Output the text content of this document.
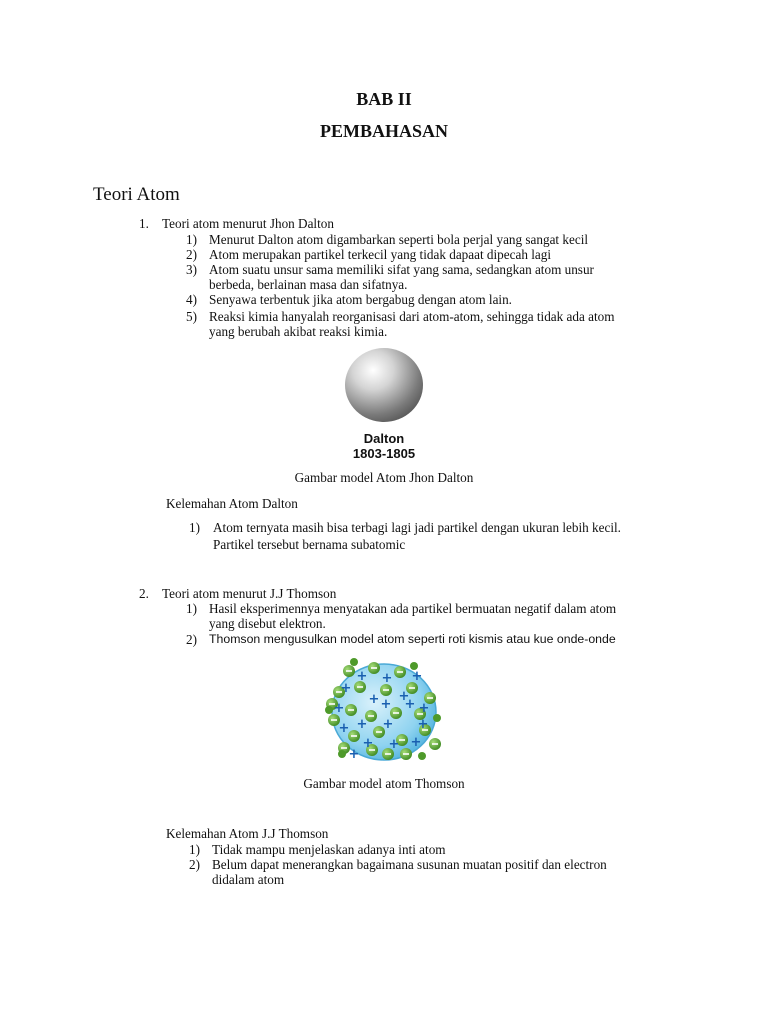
BAB II
PEMBAHASAN
Teori Atom
1. Teori atom menurut Jhon Dalton
1) Menurut Dalton atom digambarkan seperti bola perjal yang sangat kecil
2) Atom merupakan partikel terkecil yang tidak dapaat dipecah lagi
3) Atom suatu unsur sama memiliki sifat yang sama, sedangkan atom unsur
berbeda, berlainan masa dan sifatnya.
4) Senyawa terbentuk jika atom bergabug dengan atom lain.
5) Reaksi kimia hanyalah reorganisasi dari atom-atom, sehingga tidak ada atom
yang berubah akibat reaksi kimia.
Dalton
1803-1805
Gambar model Atom Jhon Dalton
Kelemahan Atom Dalton
1) Atom ternyata masih bisa terbagi lagi jadi partikel dengan ukuran lebih kecil.
Partikel tersebut bernama subatomic
2. Teori atom menurut J.J Thomson
1) Hasil eksperimennya menyatakan ada partikel bermuatan negatif dalam atom
yang disebut elektron.
2) Thomson mengusulkan model atom seperti roti kismis atau kue onde-onde
+ +
+
+
+
+
+	+ +
+ + +
+
+ + +
+
+
Gambar model atom Thomson
Kelemahan Atom J.J Thomson
1) Tidak mampu menjelaskan adanya inti atom
2) Belum dapat menerangkan bagaimana susunan muatan positif dan electron
didalam atom
